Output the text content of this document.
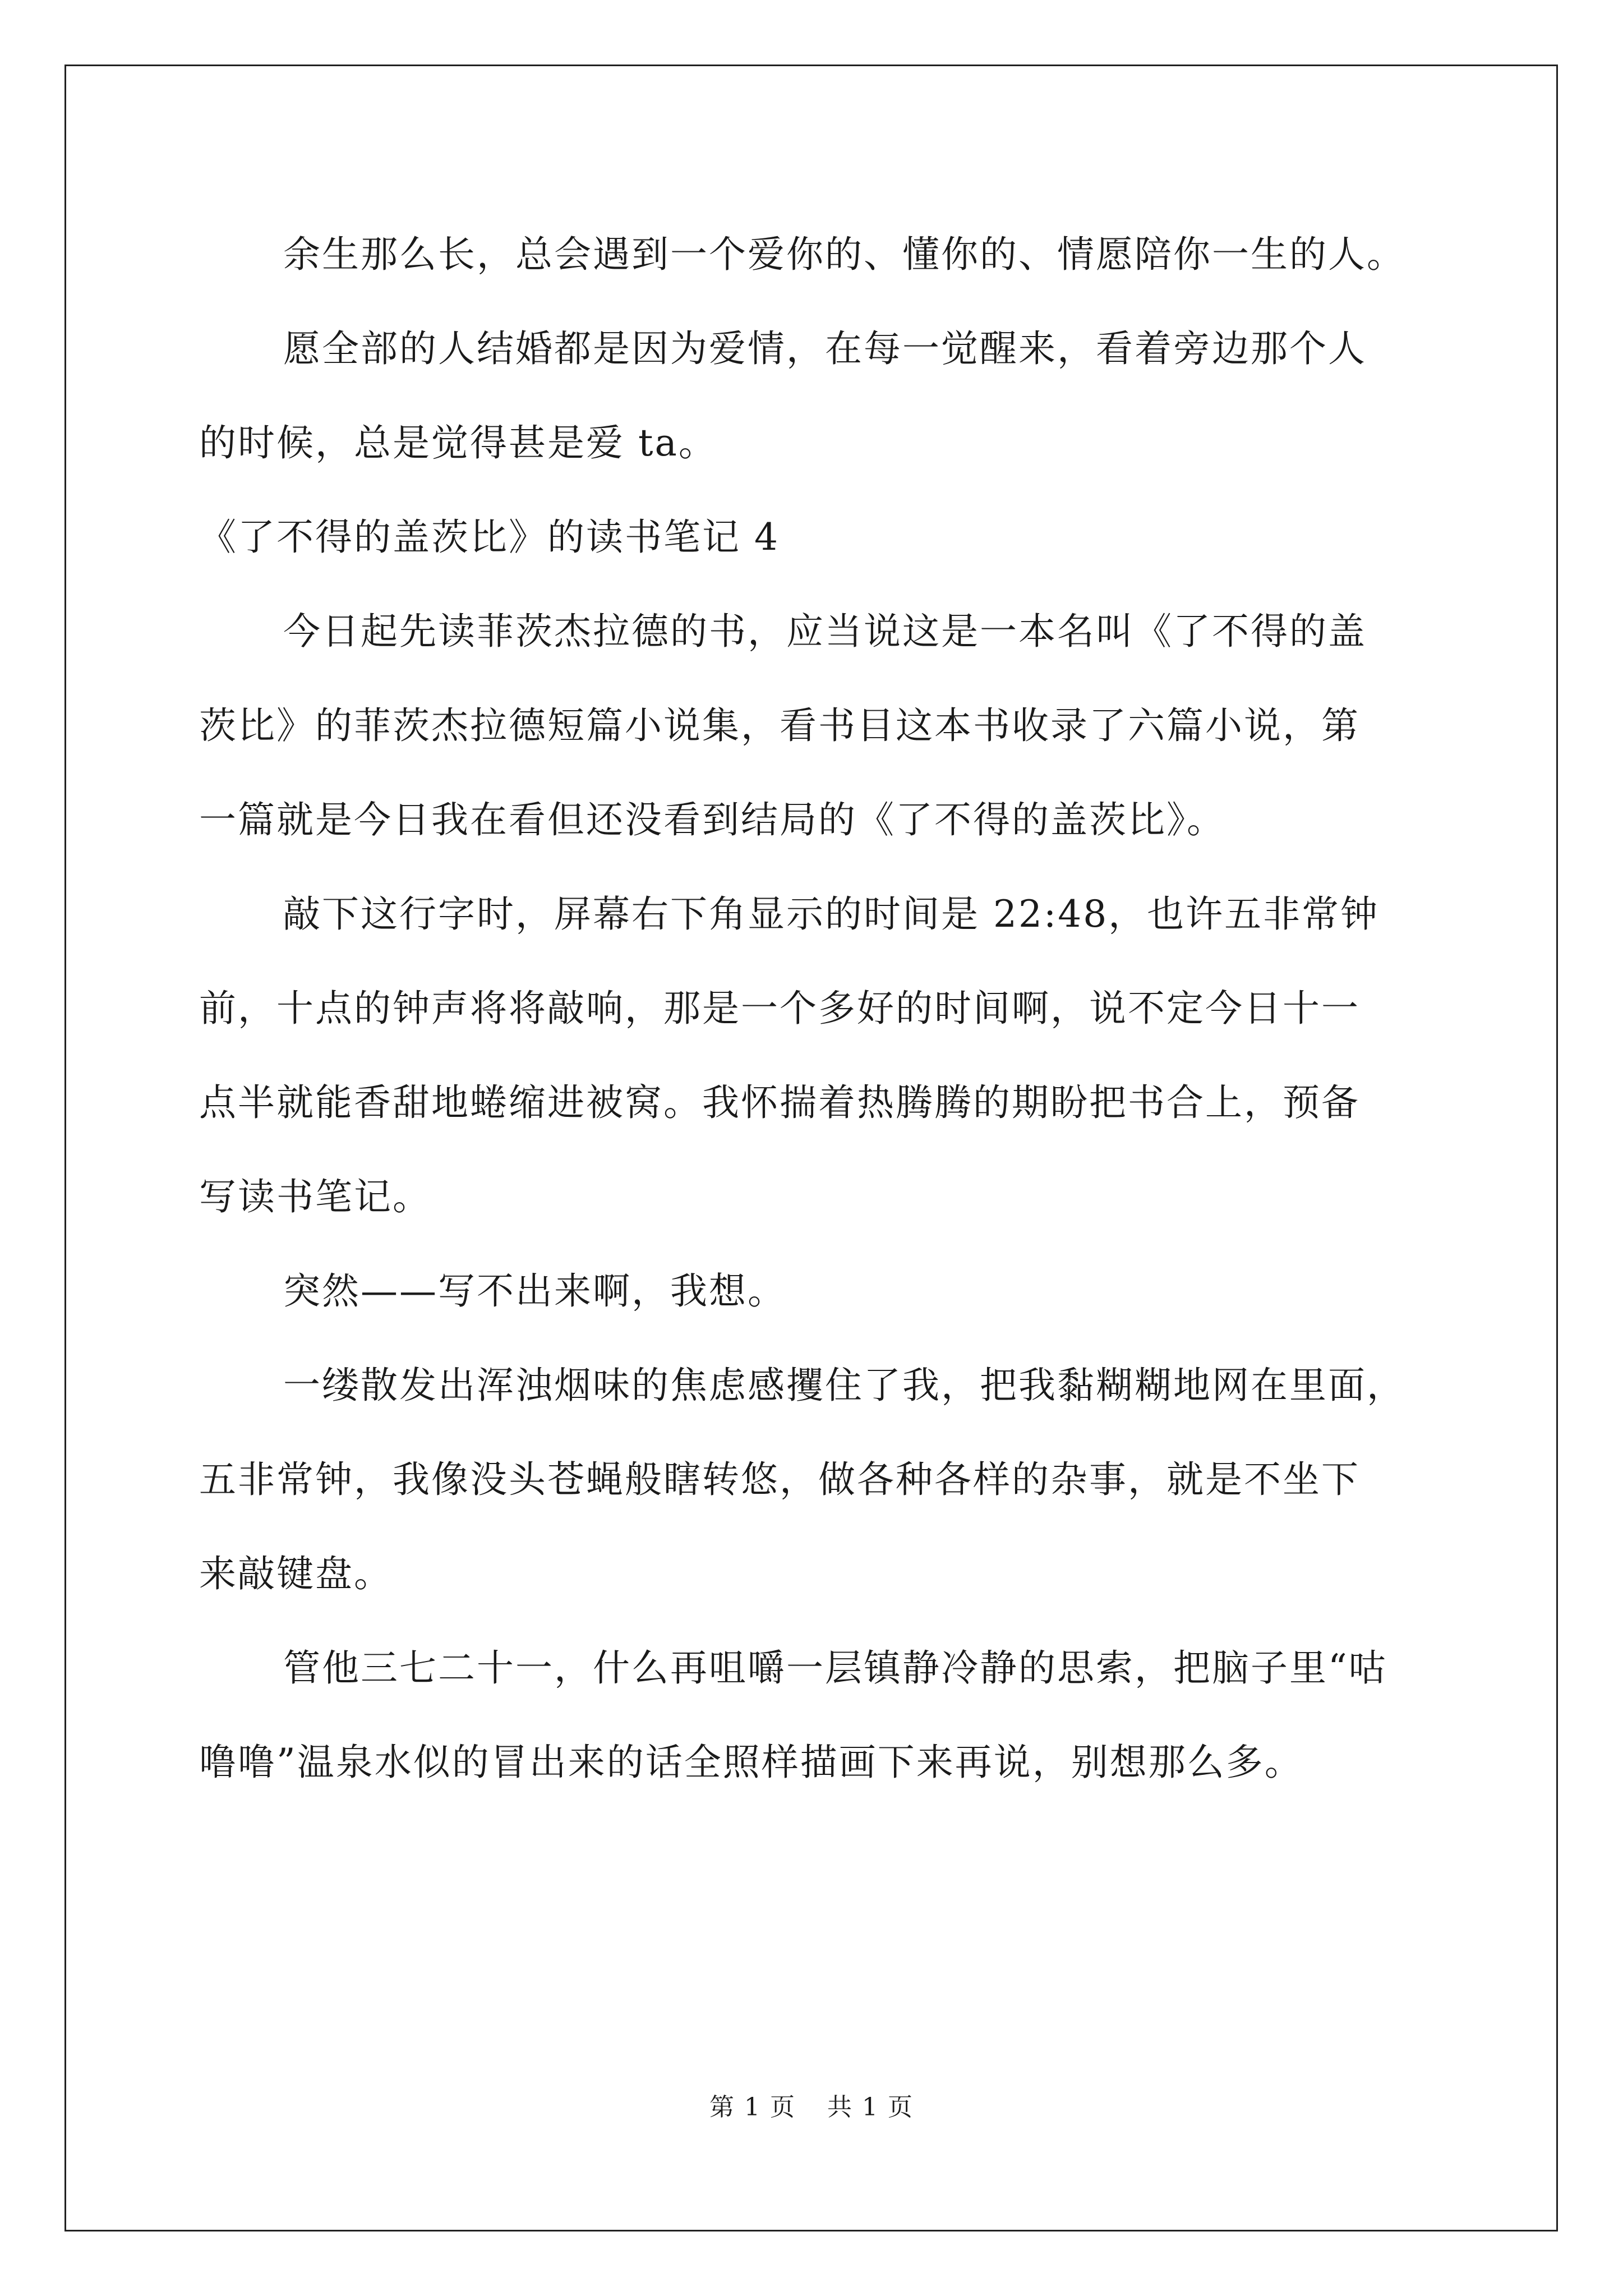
余生那么长，总会遇到一个爱你的、懂你的、情愿陪你一生的人。
愿全部的人结婚都是因为爱情，在每一觉醒来，看着旁边那个人
的时候，总是觉得甚是爱 ta。
《了不得的盖茨比》的读书笔记 4
今日起先读菲茨杰拉德的书，应当说这是一本名叫《了不得的盖
茨比》的菲茨杰拉德短篇小说集，看书目这本书收录了六篇小说，第
一篇就是今日我在看但还没看到结局的《了不得的盖茨比》。
敲下这行字时，屏幕右下角显示的时间是 22:48，也许五非常钟
前，十点的钟声将将敲响，那是一个多好的时间啊，说不定今日十一
点半就能香甜地蜷缩进被窝。我怀揣着热腾腾的期盼把书合上，预备
写读书笔记。
突然——写不出来啊，我想。
一缕散发出浑浊烟味的焦虑感攫住了我，把我黏糊糊地网在里面，
五非常钟，我像没头苍蝇般瞎转悠，做各种各样的杂事，就是不坐下
来敲键盘。
管他三七二十一，什么再咀嚼一层镇静冷静的思索，把脑子里“咕
噜噜”温泉水似的冒出来的话全照样描画下来再说，别想那么多。
第 1 页 共 1 页
